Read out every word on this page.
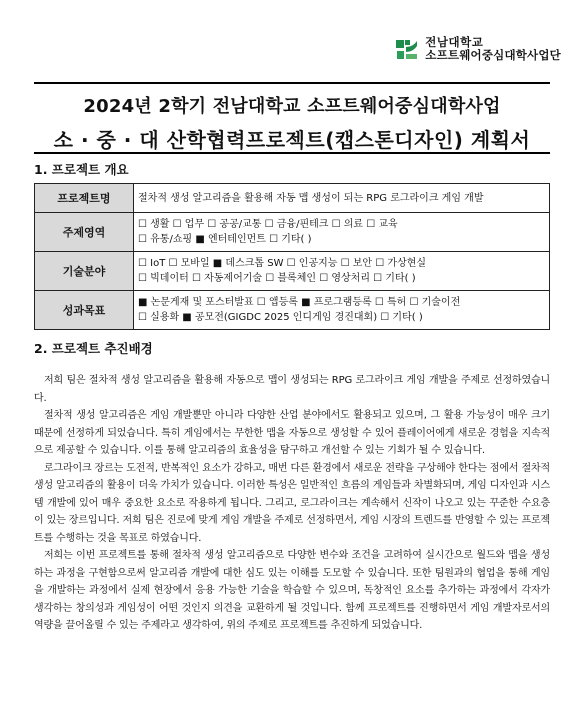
전남대학교
소프트웨어중심대학사업단
2024년 2학기 전남대학교 소프트웨어중심대학사업
소 · 중 · 대 산학협력프로젝트(캡스톤디자인) 계획서
1. 프로젝트 개요
프로젝트명	절차적 생성 알고리즘을 활용해 자동 맵 생성이 되는 RPG 로그라이크 게임 개발

주제영역	☐ 생활 ☐ 업무 ☐ 공공/교통 ☐ 금융/핀테크 ☐ 의료 ☐ 교육
☐ 유통/쇼핑 ■ 엔터테인먼트 ☐ 기타( )

기술분야	☐ IoT ☐ 모바일 ■ 데스크톱 SW ☐ 인공지능 ☐ 보안 ☐ 가상현실
☐ 빅데이터 ☐ 자동제어기술 ☐ 블록체인 ☐ 영상처리 ☐ 기타( )

성과목표	■ 논문게재 및 포스터발표 ☐ 앱등록 ■ 프로그램등록 ☐ 특허 ☐ 기술이전
☐ 실용화 ■ 공모전(GIGDC 2025 인디게임 경진대회) ☐ 기타( )
2. 프로젝트 추진배경

저희 팀은 절차적 생성 알고리즘을 활용해 자동으로 맵이 생성되는 RPG 로그라이크 게임 개발을 주제로 선정하였습니다.

절차적 생성 알고리즘은 게임 개발뿐만 아니라 다양한 산업 분야에서도 활용되고 있으며, 그 활용 가능성이 매우 크기 때문에 선정하게 되었습니다. 특히 게임에서는 무한한 맵을 자동으로 생성할 수 있어 플레이어에게 새로운 경험을 지속적으로 제공할 수 있습니다. 이를 통해 알고리즘의 효율성을 탐구하고 개선할 수 있는 기회가 될 수 있습니다.

로그라이크 장르는 도전적, 반복적인 요소가 강하고, 매번 다른 환경에서 새로운 전략을 구상해야 한다는 점에서 절차적 생성 알고리즘의 활용이 더욱 가치가 있습니다. 이러한 특성은 일반적인 흐름의 게임들과 차별화되며, 게임 디자인과 시스템 개발에 있어 매우 중요한 요소로 작용하게 됩니다. 그리고, 로그라이크는 계속해서 신작이 나오고 있는 꾸준한 수요층이 있는 장르입니다. 저희 팀은 진로에 맞게 게임 개발을 주제로 선정하면서, 게임 시장의 트렌드를 반영할 수 있는 프로젝트를 수행하는 것을 목표로 하였습니다.

저희는 이번 프로젝트를 통해 절차적 생성 알고리즘으로 다양한 변수와 조건을 고려하여 실시간으로 월드와 맵을 생성하는 과정을 구현함으로써 알고리즘 개발에 대한 심도 있는 이해를 도모할 수 있습니다. 또한 팀원과의 협업을 통해 게임을 개발하는 과정에서 실제 현장에서 응용 가능한 기술을 학습할 수 있으며, 독창적인 요소를 추가하는 과정에서 각자가 생각하는 창의성과 게임성이 어떤 것인지 의견을 교환하게 될 것입니다. 함께 프로젝트를 진행하면서 게임 개발자로서의 역량을 끌어올릴 수 있는 주제라고 생각하여, 위의 주제로 프로젝트를 추진하게 되었습니다.
